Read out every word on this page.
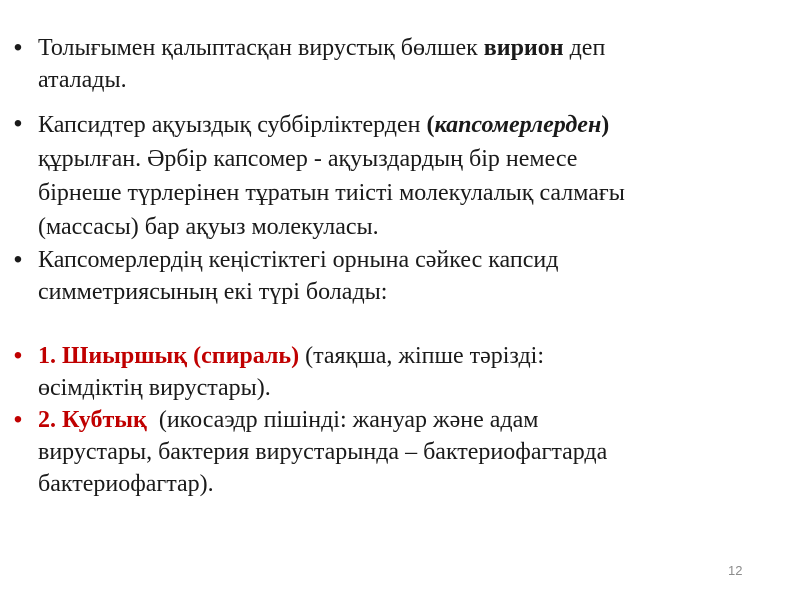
• Толығымен қалыптасқан вирустық бөлшек вирион деп
аталады.
• Капсидтер ақуыздық суббірліктерден (капсомерлерден)
құрылған. Әрбір капсомер - ақуыздардың бір немесе
бірнеше түрлерінен тұратын тиісті молекулалық салмағы
(массасы) бар ақуыз молекуласы.
• Капсомерлердің кеңістіктегі орнына сәйкес капсид
симметриясының екі түрі болады:
• 1. Шиыршық (спираль) (таяқша, жіпше тәрізді:
өсімдіктің вирустары).
• 2. Кубтық  (икосаэдр пішінді: жануар және адам
вирустары, бактерия вирустарында – бактериофагтарда
бактериофагтар).
12
